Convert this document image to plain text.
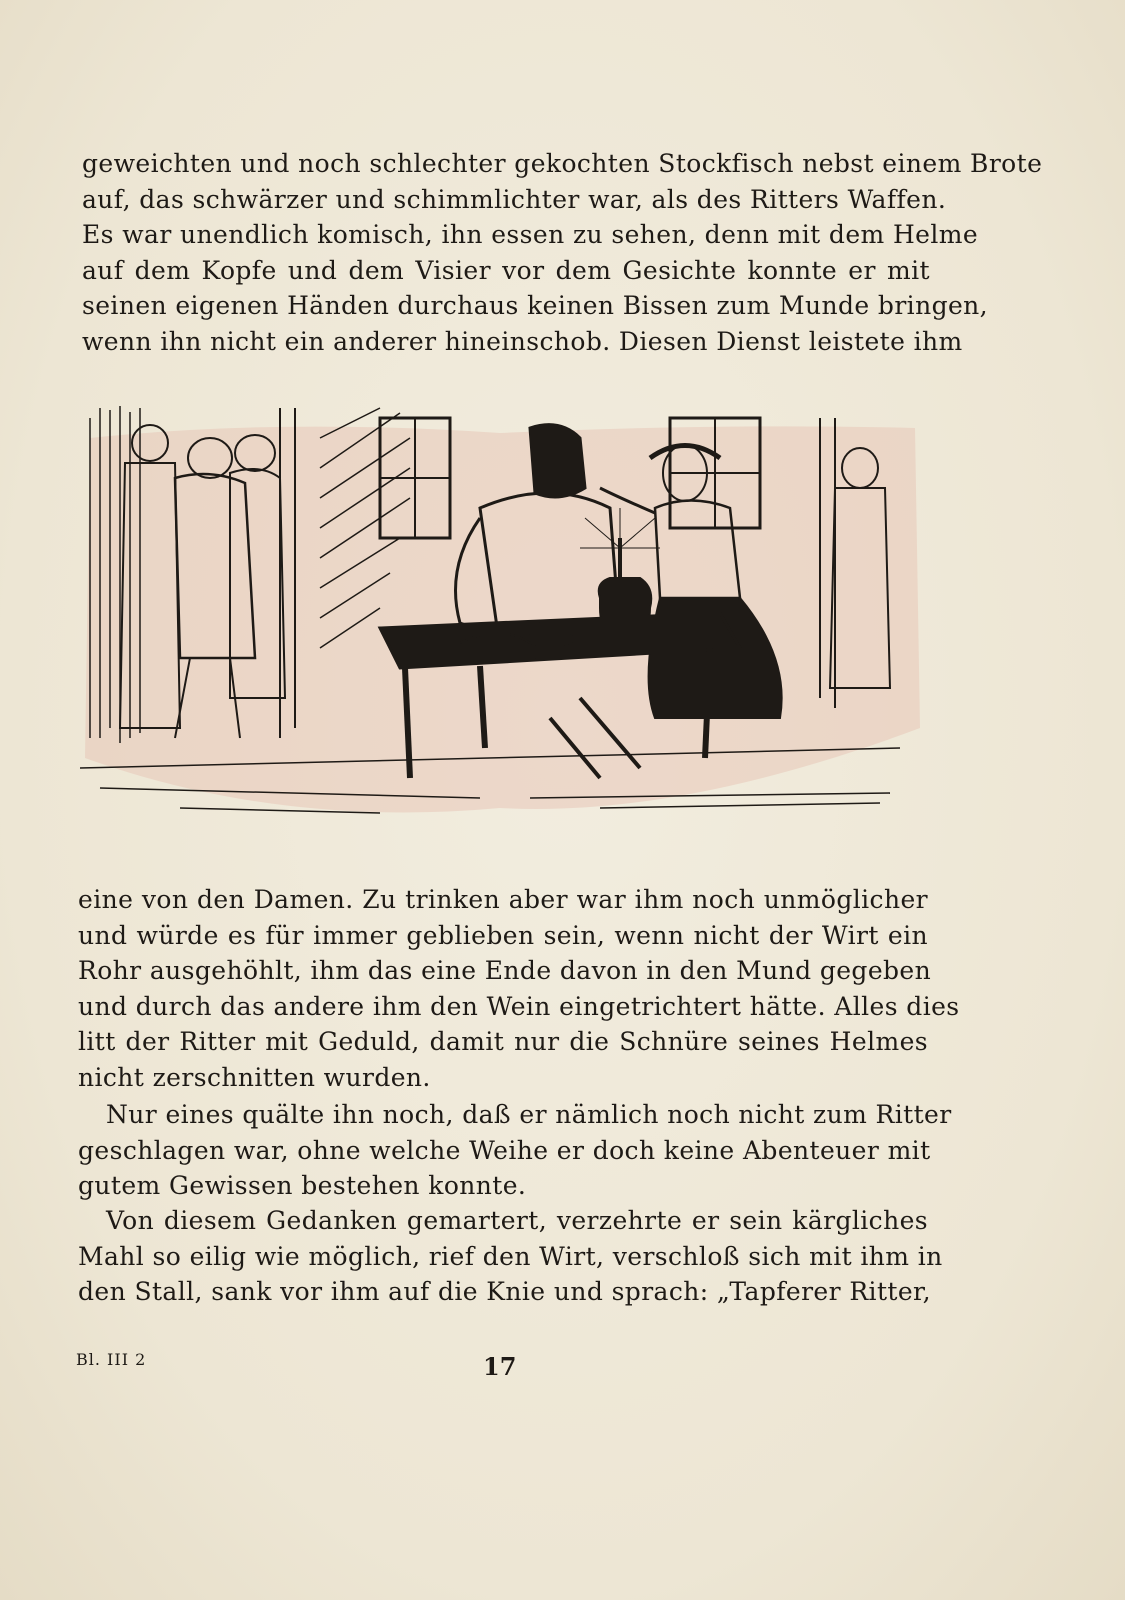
geweichten und noch schlechter gekochten Stockfisch nebst einem Brote
auf, das schwärzer und schimmlichter war, als des Ritters Waffen.
Es war unendlich komisch, ihn essen zu sehen, denn mit dem Helme
auf dem Kopfe und dem Visier vor dem Gesichte konnte er mit
seinen eigenen Händen durchaus keinen Bissen zum Munde bringen,
wenn ihn nicht ein anderer hineinschob. Diesen Dienst leistete ihm

eine von den Damen. Zu trinken aber war ihm noch unmöglicher
und würde es für immer geblieben sein, wenn nicht der Wirt ein
Rohr ausgehöhlt, ihm das eine Ende davon in den Mund gegeben
und durch das andere ihm den Wein eingetrichtert hätte. Alles dies
litt der Ritter mit Geduld, damit nur die Schnüre seines Helmes
nicht zerschnitten wurden.

Nur eines quälte ihn noch, daß er nämlich noch nicht zum Ritter
geschlagen war, ohne welche Weihe er doch keine Abenteuer mit
gutem Gewissen bestehen konnte.

Von diesem Gedanken gemartert, verzehrte er sein kärgliches
Mahl so eilig wie möglich, rief den Wirt, verschloß sich mit ihm in
den Stall, sank vor ihm auf die Knie und sprach: „Tapferer Ritter,

Bl. III 2	17
